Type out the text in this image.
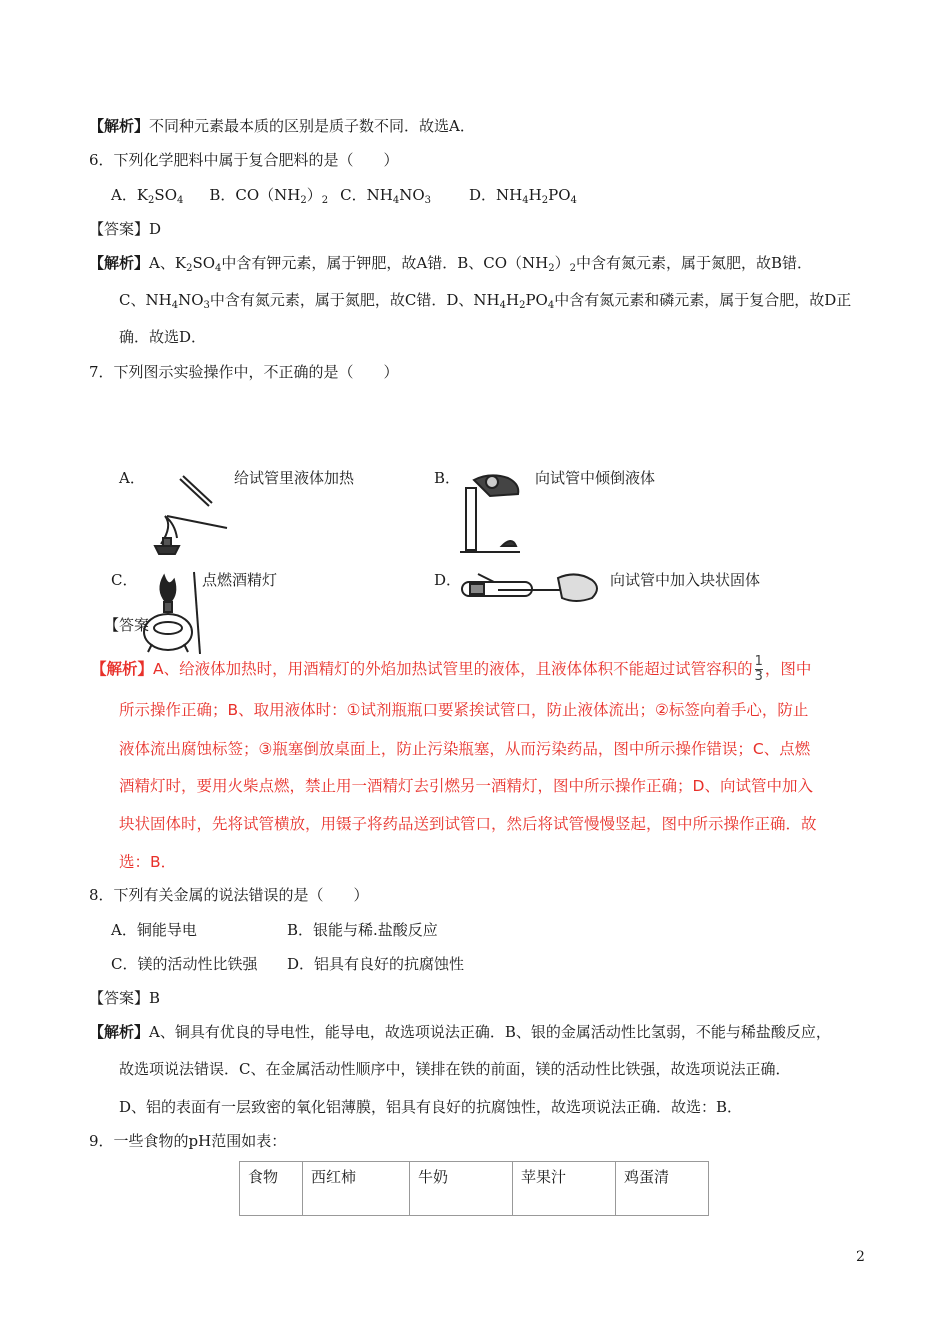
【解析】不同种元素最本质的区别是质子数不同．故选A．
6．下列化学肥料中属于复合肥料的是（　　）
A．$K_2SO_4$ B．$CO(NH_2)_2$ C．$NH_4NO_3$	D．$NH_4H_2PO_4$
【答案】D
【解析】A、$K_2SO_4$中含有钾元素，属于钾肥，故A错．B、$CO(NH_2)_2$中含有氮元素，属于氮肥，故B错．
C、$NH_4NO_3$中含有氮元素，属于氮肥，故C错．D、$NH_4H_2PO_4$中含有氮元素和磷元素，属于复合肥，故D正
确．故选D．
7．下列图示实验操作中，不正确的是（　　）
A．	给试管里液体加热	B．	向试管中倾倒液体
C．	点燃酒精灯	D．	向试管中加入块状固体
【答案
【解析】A、给液体加热时，用酒精灯的外焰加热试管里的液体，且液体体积不能超过试管容积的 $\frac{1}{3}$ ，图中
所示操作正确；B、取用液体时：①试剂瓶瓶口要紧挨试管口，防止液体流出；②标签向着手心，防止
液体流出腐蚀标签；③瓶塞倒放桌面上，防止污染瓶塞，从而污染药品，图中所示操作错误；C、点燃
酒精灯时，要用火柴点燃，禁止用一酒精灯去引燃另一酒精灯，图中所示操作正确；D、向试管中加入
块状固体时，先将试管横放，用镊子将药品送到试管口，然后将试管慢慢竖起，图中所示操作正确．故
选：B．
8．下列有关金属的说法错误的是（　　）
A．铜能导电	B．银能与稀.盐酸反应
C．镁的活动性比铁强 D．铝具有良好的抗腐蚀性
【答案】B
【解析】A、铜具有优良的导电性，能导电，故选项说法正确．B、银的金属活动性比氢弱，不能与稀盐酸反应，
故选项说法错误．C、在金属活动性顺序中，镁排在铁的前面，镁的活动性比铁强，故选项说法正确．
D、铝的表面有一层致密的氧化铝薄膜，铝具有良好的抗腐蚀性，故选项说法正确．故选：B．
9．一些食物的pH范围如表：
食物	西红柿	牛奶	苹果汁	鸡蛋清
2
